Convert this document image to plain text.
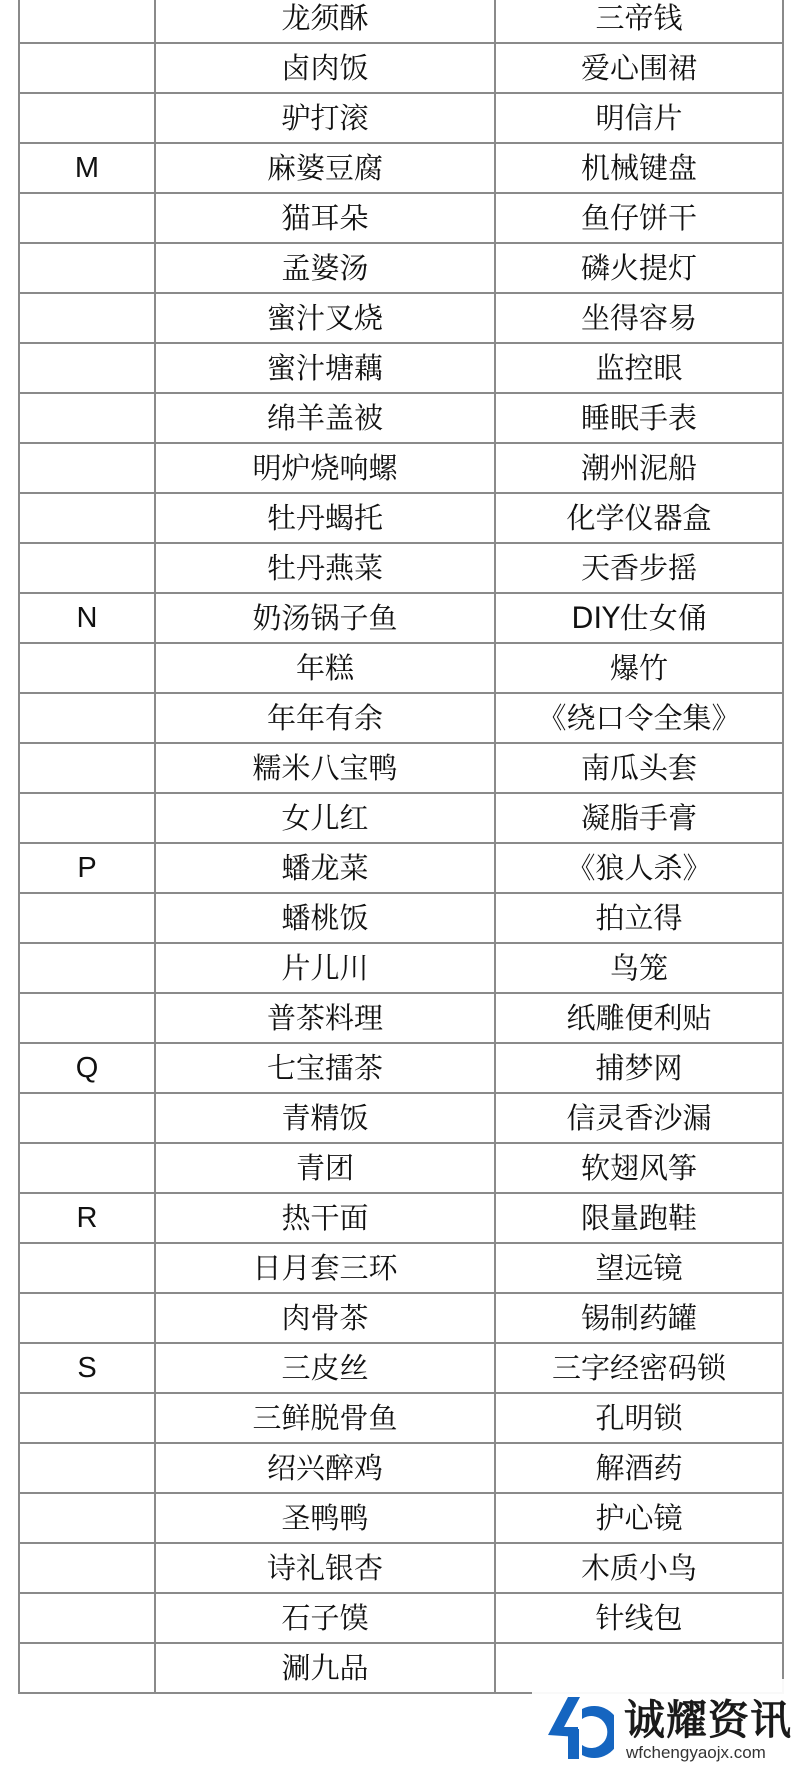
	龙须酥	三帝钱
	卤肉饭	爱心围裙
	驴打滚	明信片
M	麻婆豆腐	机械键盘
	猫耳朵	鱼仔饼干
	孟婆汤	磷火提灯
	蜜汁叉烧	坐得容易
	蜜汁塘藕	监控眼
	绵羊盖被	睡眠手表
	明炉烧响螺	潮州泥船
	牡丹蝎托	化学仪器盒
	牡丹燕菜	天香步摇
N	奶汤锅子鱼	DIY仕女俑
	年糕	爆竹
	年年有余	《绕口令全集》
	糯米八宝鸭	南瓜头套
	女儿红	凝脂手膏
P	蟠龙菜	《狼人杀》
	蟠桃饭	拍立得
	片儿川	鸟笼
	普茶料理	纸雕便利贴
Q	七宝擂茶	捕梦网
	青精饭	信灵香沙漏
	青团	软翅风筝
R	热干面	限量跑鞋
	日月套三环	望远镜
	肉骨茶	锡制药罐
S	三皮丝	三字经密码锁
	三鲜脱骨鱼	孔明锁
	绍兴醉鸡	解酒药
	圣鸭鸭	护心镜
	诗礼银杏	木质小鸟
	石子馍	针线包
	涮九品	
诚耀资讯
wfchengyaojx.com
